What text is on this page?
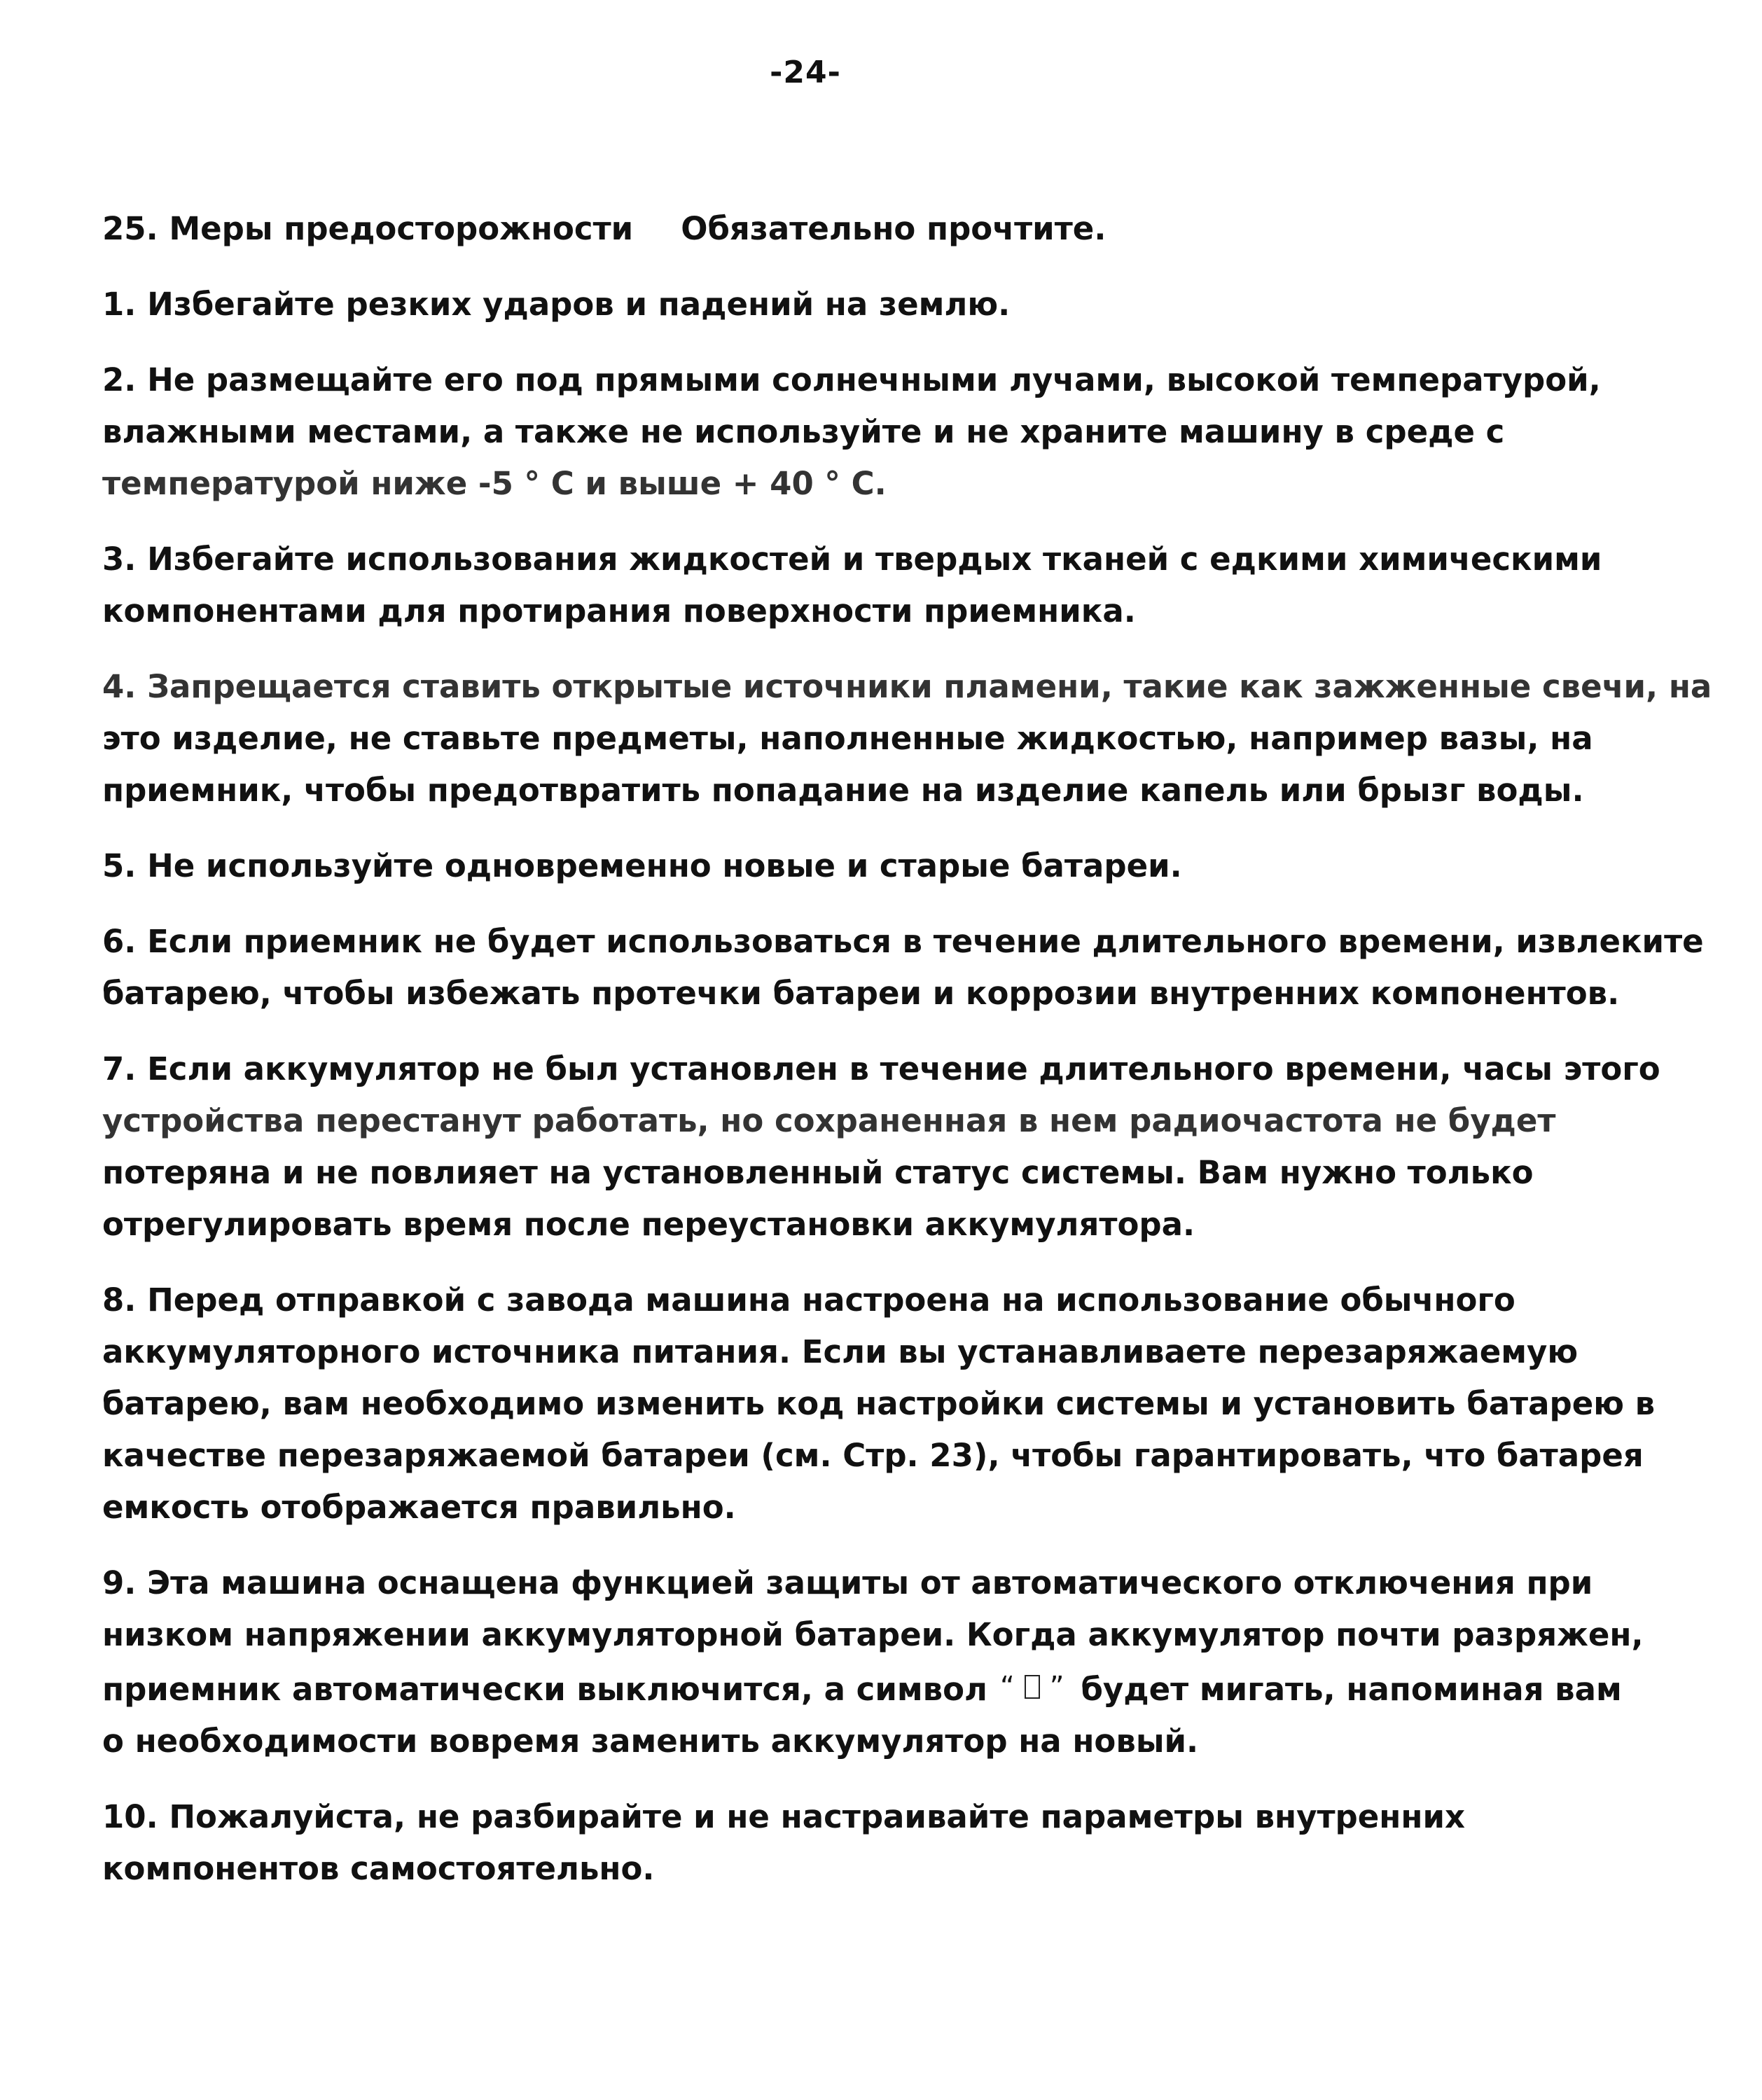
-24-
25. Меры предосторожности Обязательно прочтите.

1. Избегайте резких ударов и падений на землю.

2. Не размещайте его под прямыми солнечными лучами, высокой температурой,

влажными местами, а также не используйте и не храните машину в среде с

температурой ниже -5 ° С и выше + 40 ° С.

3. Избегайте использования жидкостей и твердых тканей с едкими химическими

компонентами для протирания поверхности приемника.

4. Запрещается ставить открытые источники пламени, такие как зажженные свечи, на

это изделие, не ставьте предметы, наполненные жидкостью, например вазы, на

приемник, чтобы предотвратить попадание на изделие капель или брызг воды.

5. Не используйте одновременно новые и старые батареи.

6. Если приемник не будет использоваться в течение длительного времени, извлеките

батарею, чтобы избежать протечки батареи и коррозии внутренних компонентов.

7. Если аккумулятор не был установлен в течение длительного времени, часы этого

устройства перестанут работать, но сохраненная в нем радиочастота не будет

потеряна и не повлияет на установленный статус системы. Вам нужно только

отрегулировать время после переустановки аккумулятора.

8. Перед отправкой с завода машина настроена на использование обычного

аккумуляторного источника питания. Если вы устанавливаете перезаряжаемую

батарею, вам необходимо изменить код настройки системы и установить батарею в

качестве перезаряжаемой батареи (см. Стр. 23), чтобы гарантировать, что батарея

емкость отображается правильно.

9. Эта машина оснащена функцией защиты от автоматического отключения при

низком напряжении аккумуляторной батареи. Когда аккумулятор почти разряжен,

приемник автоматически выключится, а символ “ ” будет мигать, напоминая вам

о необходимости вовремя заменить аккумулятор на новый.

10. Пожалуйста, не разбирайте и не настраивайте параметры внутренних

компонентов самостоятельно.
